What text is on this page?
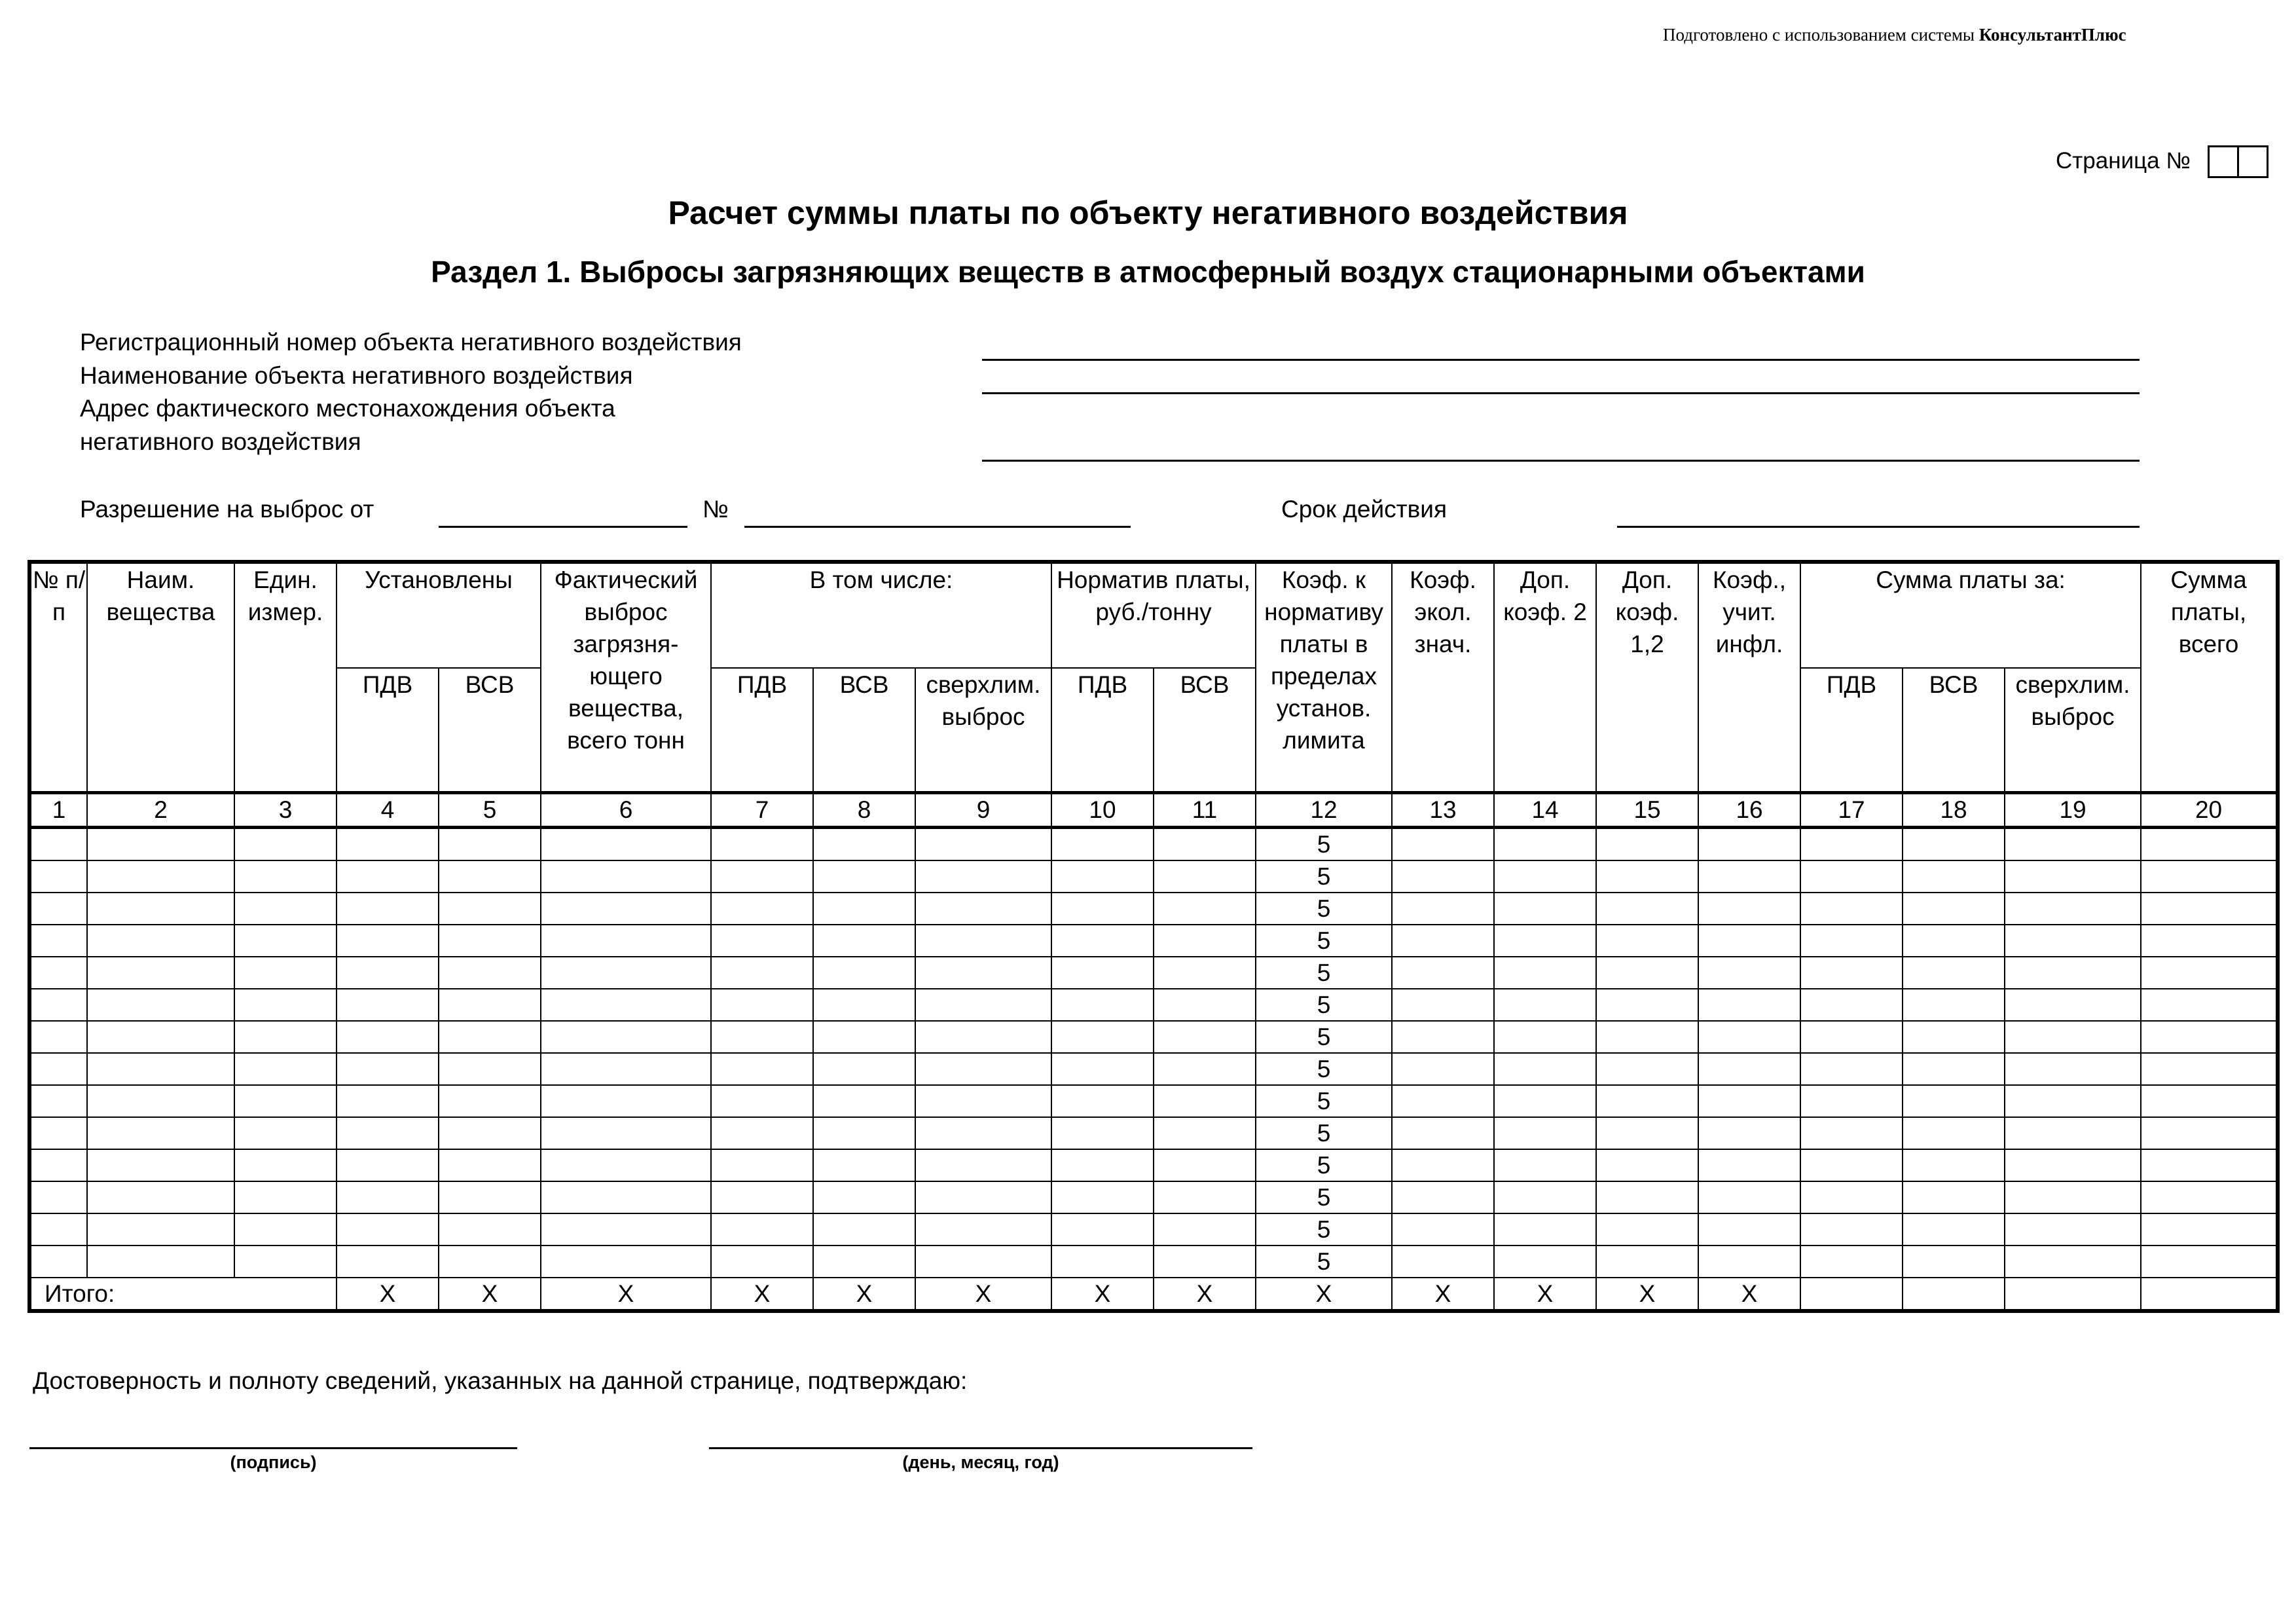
Подготовлено с использованием системы КонсультантПлюс
Страница №
Расчет суммы платы по объекту негативного воздействия
Раздел 1. Выбросы загрязняющих веществ в атмосферный воздух стационарными объектами
Регистрационный номер объекта негативного воздействия
Наименование объекта негативного воздействия
Адрес фактического местонахождения объекта
негативного воздействия
Разрешение на выброс от	№	Срок действия
№ п/п	Наим. вещества	Един. измер.	Установлены		Фактический выброс загрязня-ющего вещества, всего тонн	В том числе:			Норматив платы, руб./тонну		Коэф. к нормативу платы в пределах установ. лимита	Коэф. экол. знач.	Доп. коэф. 2	Доп. коэф. 1,2	Коэф., учит. инфл.	Сумма платы за:			Сумма платы, всего
			ПДВ	ВСВ		ПДВ	ВСВ	сверхлим. выброс	ПДВ	ВСВ						ПДВ	ВСВ	сверхлим. выброс	
1	2	3	4	5	6	7	8	9	10	11	12	13	14	15	16	17	18	19	20
											5								
											5								
											5								
											5								
											5								
											5								
											5								
											5								
											5								
											5								
											5								
											5								
											5								
											5								
Итого:			X	X	X	X	X	X	X	X	X	X	X	X	X				
Достоверность и полноту сведений, указанных на данной странице, подтверждаю:
(подпись)	(день, месяц, год)
